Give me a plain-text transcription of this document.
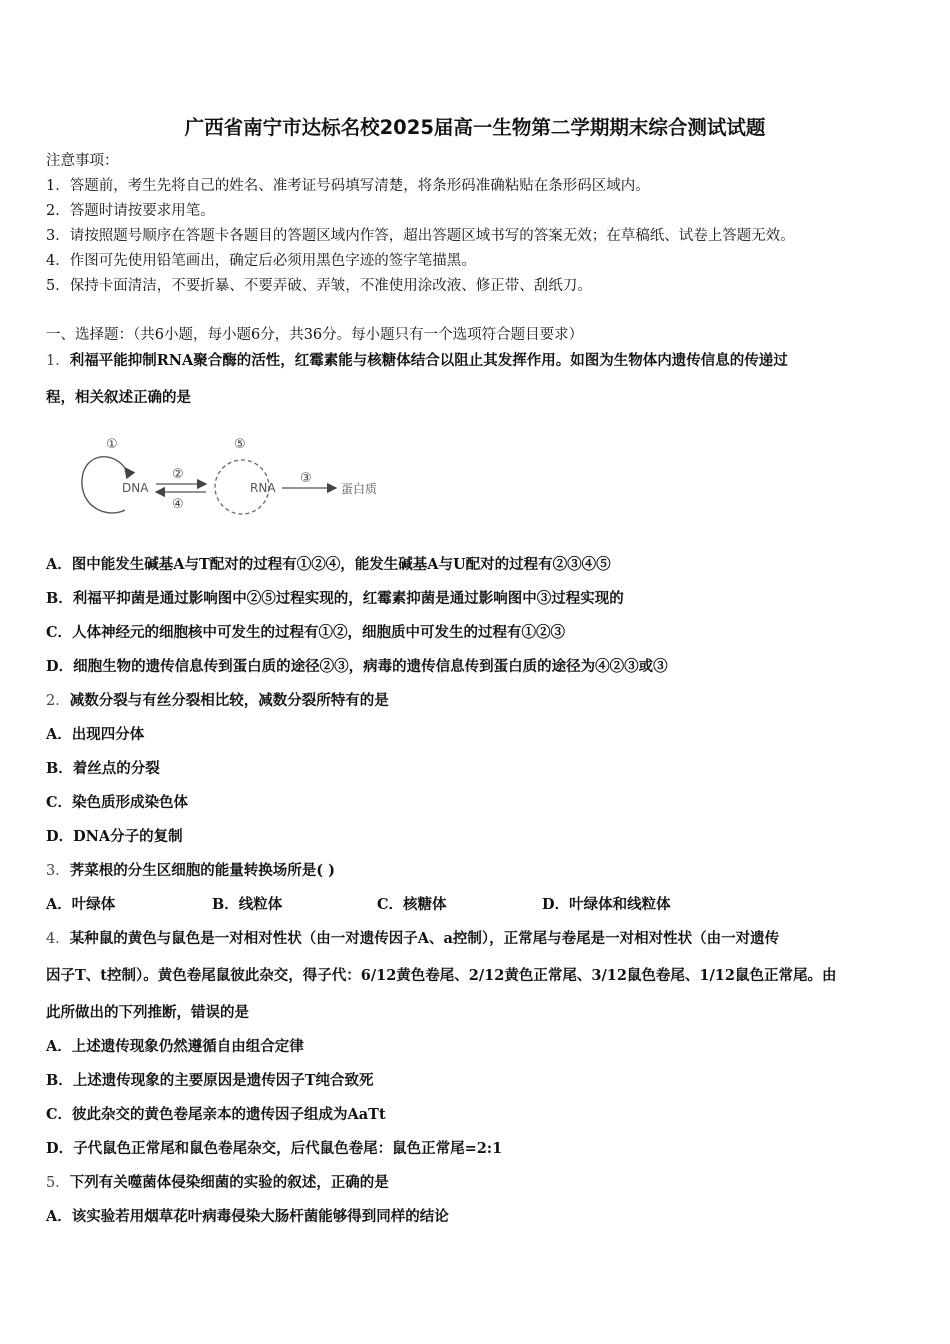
广西省南宁市达标名校2025届高一生物第二学期期末综合测试试题
注意事项：
1．答题前，考生先将自己的姓名、准考证号码填写清楚，将条形码准确粘贴在条形码区域内。
2．答题时请按要求用笔。
3．请按照题号顺序在答题卡各题目的答题区域内作答，超出答题区域书写的答案无效；在草稿纸、试卷上答题无效。
4．作图可先使用铅笔画出，确定后必须用黑色字迹的签字笔描黑。
5．保持卡面清洁，不要折暴、不要弄破、弄皱，不准使用涂改液、修正带、刮纸刀。
一、选择题：（共6小题，每小题6分，共36分。每小题只有一个选项符合题目要求）
1．利福平能抑制RNA聚合酶的活性，红霉素能与核糖体结合以阻止其发挥作用。如图为生物体内遗传信息的传递过
程，相关叙述正确的是
①
DNA
②
④
⑤
RNA
③
蛋白质
A．图中能发生碱基A与T配对的过程有①②④，能发生碱基A与U配对的过程有②③④⑤
B．利福平抑菌是通过影响图中②⑤过程实现的，红霉素抑菌是通过影响图中③过程实现的
C．人体神经元的细胞核中可发生的过程有①②，细胞质中可发生的过程有①②③
D．细胞生物的遗传信息传到蛋白质的途径②③，病毒的遗传信息传到蛋白质的途径为④②③或③
2．减数分裂与有丝分裂相比较，减数分裂所特有的是
A．出现四分体
B．着丝点的分裂
C．染色质形成染色体
D．DNA分子的复制
3．荠菜根的分生区细胞的能量转换场所是( )
A．叶绿体	B．线粒体	C．核糖体	D．叶绿体和线粒体
4．某种鼠的黄色与鼠色是一对相对性状（由一对遗传因子A、a控制），正常尾与卷尾是一对相对性状（由一对遗传
因子T、t控制）。黄色卷尾鼠彼此杂交，得子代：6/12黄色卷尾、2/12黄色正常尾、3/12鼠色卷尾、1/12鼠色正常尾。由
此所做出的下列推断，错误的是
A．上述遗传现象仍然遵循自由组合定律
B．上述遗传现象的主要原因是遗传因子T纯合致死
C．彼此杂交的黄色卷尾亲本的遗传因子组成为AaTt
D．子代鼠色正常尾和鼠色卷尾杂交，后代鼠色卷尾：鼠色正常尾=2:1
5．下列有关噬菌体侵染细菌的实验的叙述，正确的是
A．该实验若用烟草花叶病毒侵染大肠杆菌能够得到同样的结论
